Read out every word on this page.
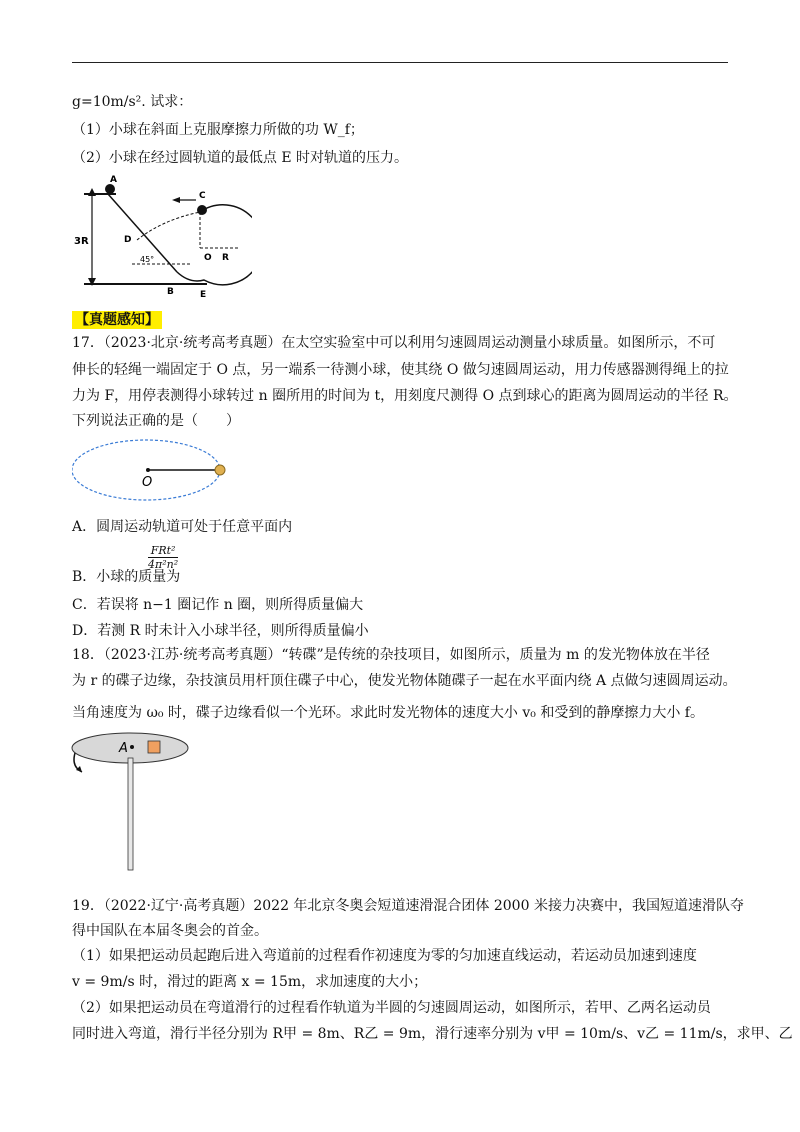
g=10m/s². 试求：
（1）小球在斜面上克服摩擦力所做的功 W_f；
（2）小球在经过圆轨道的最低点 E 时对轨道的压力。
A
C
D
B	E
O R
3R
45°
【真题感知】
17．（2023·北京·统考高考真题）在太空实验室中可以利用匀速圆周运动测量小球质量。如图所示，不可
伸长的轻绳一端固定于 O 点，另一端系一待测小球，使其绕 O 做匀速圆周运动，用力传感器测得绳上的拉
力为 F，用停表测得小球转过 n 圈所用的时间为 t，用刻度尺测得 O 点到球心的距离为圆周运动的半径 R。
下列说法正确的是（　　）
O
A．圆周运动轨道可处于任意平面内
B．小球的质量为
FRt²
4π²n²
C．若误将 n−1 圈记作 n 圈，则所得质量偏大
D．若测 R 时未计入小球半径，则所得质量偏小
18．（2023·江苏·统考高考真题）“转碟”是传统的杂技项目，如图所示，质量为 m 的发光物体放在半径
为 r 的碟子边缘，杂技演员用杆顶住碟子中心，使发光物体随碟子一起在水平面内绕 A 点做匀速圆周运动。
当角速度为 ω₀ 时，碟子边缘看似一个光环。求此时发光物体的速度大小 v₀ 和受到的静摩擦力大小 f。
A
19．（2022·辽宁·高考真题）2022 年北京冬奥会短道速滑混合团体 2000 米接力决赛中，我国短道速滑队夺
得中国队在本届冬奥会的首金。
（1）如果把运动员起跑后进入弯道前的过程看作初速度为零的匀加速直线运动，若运动员加速到速度
v = 9m/s 时，滑过的距离 x = 15m，求加速度的大小；
（2）如果把运动员在弯道滑行的过程看作轨道为半圆的匀速圆周运动，如图所示，若甲、乙两名运动员
同时进入弯道，滑行半径分别为 R甲 = 8m、R乙 = 9m，滑行速率分别为 v甲 = 10m/s、v乙 = 11m/s，求甲、乙
